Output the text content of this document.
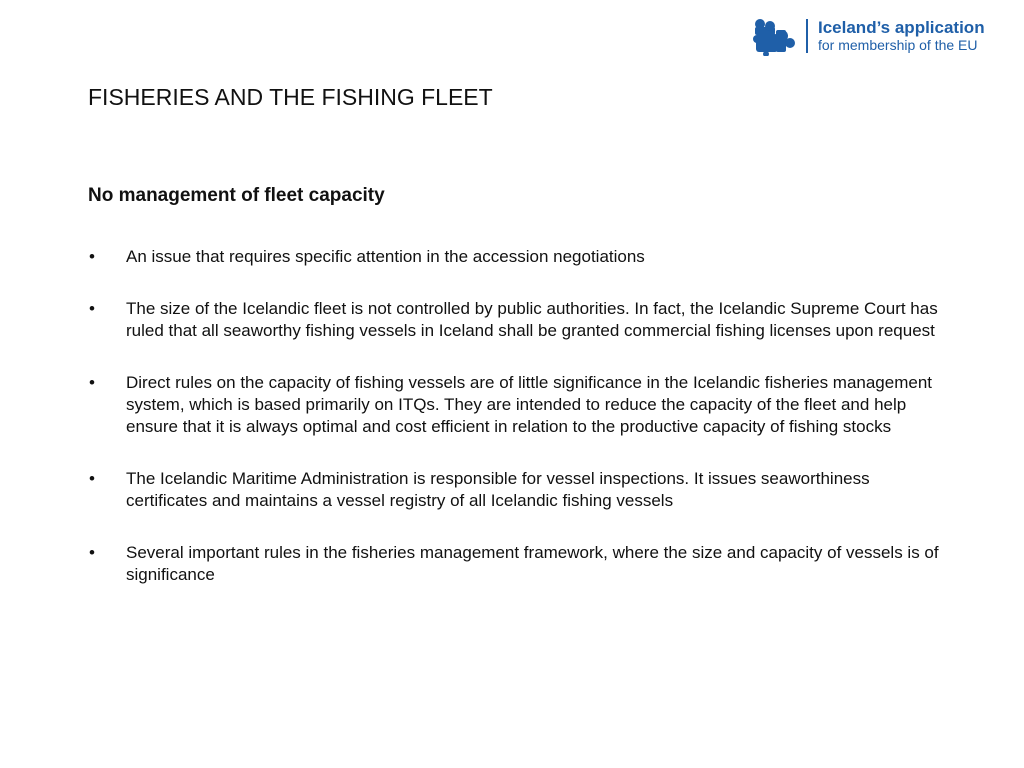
Iceland’s application
for membership of the EU
FISHERIES AND THE FISHING FLEET
No management of fleet capacity
•	An issue that requires specific attention in the accession negotiations
•	The size of the Icelandic fleet is not controlled by public authorities. In fact, the Icelandic Supreme Court has ruled that all seaworthy fishing vessels in Iceland shall be granted commercial fishing licenses upon request
•	Direct rules on the capacity of fishing vessels are of little significance in the Icelandic fisheries management system, which is based primarily on ITQs. They are intended to reduce the capacity of the fleet and help ensure that it is always optimal and cost efficient in relation to the productive capacity of fishing stocks
•	The Icelandic Maritime Administration is responsible for vessel inspections. It issues seaworthiness certificates and maintains a vessel registry of all Icelandic fishing vessels
•	Several important rules in the fisheries management framework, where the size and capacity of vessels is of significance
